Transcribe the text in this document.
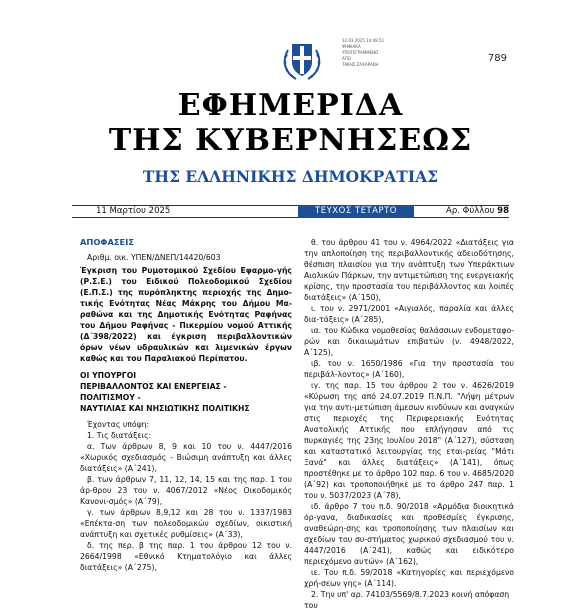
12.03.2025 14:49:51
ΨΗΦΙΑΚΑ
ΥΠΟΓΕΓΡΑΜΜΕΝΟ
ΑΠΟ
ΤΑΚΗΣ ΖΑΧΑΡΑΚΗ
789
ΕΦΗΜΕΡΙΔΑ
ΤΗΣ ΚΥΒΕΡΝΗΣΕΩΣ
ΤΗΣ ΕΛΛΗΝΙΚΗΣ ΔΗΜΟΚΡΑΤΙΑΣ
11 Μαρτίου 2025	ΤΕΥΧΟΣ ΤΕΤΑΡΤΟ	Αρ. Φύλλου 98

ΑΠΟΦΑΣΕΙΣ

Αριθμ. οικ. ΥΠΕΝ/ΔΝΕΠ/14420/603

Έγκριση του Ρυμοτομικού Σχεδίου Εφαρμο-γής (Ρ.Σ.Ε.) του Ειδικού Πολεοδομικού Σχεδίου (Ε.Π.Σ.) της πυρόπληκτης περιοχής της Δημο-τικής Ενότητας Νέας Μάκρης του Δήμου Μα-ραθώνα και της Δημοτικής Ενότητας Ραφήνας του Δήμου Ραφήνας - Πικερμίου νομού Αττικής (Δ΄398/2022) και έγκριση περιβαλλοντικών όρων νέων υδραυλικών και λιμενικών έργων καθώς και του Παραλιακού Περίπατου.

ΟΙ ΥΠΟΥΡΓΟΙ

ΠΕΡΙΒΑΛΛΟΝΤΟΣ ΚΑΙ ΕΝΕΡΓΕΙΑΣ -

ΠΟΛΙΤΙΣΜΟΥ -

ΝΑΥΤΙΛΙΑΣ ΚΑΙ ΝΗΣΙΩΤΙΚΗΣ ΠΟΛΙΤΙΚΗΣ

Έχοντας υπόψη:

1. Τις διατάξεις:

α. Των άρθρων 8, 9 και 10 του ν. 4447/2016 «Χωρικός σχεδιασμός - Βιώσιμη ανάπτυξη και άλλες διατάξεις» (Α΄241),

β. των άρθρων 7, 11, 12, 14, 15 και της παρ. 1 του άρ-θρου 23 του ν. 4067/2012 «Νέος Οικοδομικός Κανονι-σμός» (Α΄79),

γ. των άρθρων 8,9,12 και 28 του ν. 1337/1983 «Επέκτα-ση των πολεοδομικών σχεδίων, οικιστική ανάπτυξη και σχετικές ρυθμίσεις» (Α΄33),

δ. της περ. β της παρ. 1 του άρθρου 12 του ν. 2664/1998 «Εθνικό Κτηματολόγιο και άλλες διατάξεις» (Α΄275),

θ. του άρθρου 41 του ν. 4964/2022 «Διατάξεις για την απλοποίηση της περιβαλλοντικής αδειοδότησης, θέσπιση πλαισίου για την ανάπτυξη των Υπεράκτιων Αιολικών Πάρκων, την αντιμετώπιση της ενεργειακής κρίσης, την προστασία του περιβάλλοντος και λοιπές διατάξεις» (Α΄150),

ι. του ν. 2971/2001 «Αιγιαλός, παραλία και άλλες δια-τάξεις» (Α΄285),

ια. του Κώδικα νομοθεσίας θαλάσσιων ενδομεταφο-ρών και δικαιωμάτων επιβατών (ν. 4948/2022, Α΄125),

ιβ. του ν. 1650/1986 «Για την προστασία του περιβάλ-λοντος» (Α΄160),

ιγ. της παρ. 15 του άρθρου 2 του ν. 4626/2019 «Κύρωση της από 24.07.2019 Π.Ν.Π. "Λήψη μέτρων για την αντι-μετώπιση άμεσων κινδύνων και αναγκών στις περιοχές της Περιφερειακής Ενότητας Ανατολικής Αττικής που επλήγησαν από τις πυρκαγιές της 23ης Ιουλίου 2018" (Α΄127), σύσταση και καταστατικό λειτουργίας της εται-ρείας "Μάτι Ξανά" και άλλες διατάξεις» (Α΄141), όπως προστέθηκε με το άρθρο 102 παρ. 6 του ν. 4685/2020 (Α΄92) και τροποποιήθηκε με το άρθρο 247 παρ. 1 του ν. 5037/2023 (Α΄78),

ιδ. άρθρο 7 του π.δ. 90/2018 «Αρμόδια διοικητικά όρ-γανα, διαδικασίες και προθεσμίες έγκρισης, αναθεώρη-σης και τροποποίησης των πλαισίων και σχεδίων του συ-στήματος χωρικού σχεδιασμού του ν. 4447/2016 (Α΄241), καθώς και ειδικότερο περιεχόμενο αυτών» (Α΄162),

ιε. Του π.δ. 59/2018 «Κατηγορίες και περιεχόμενο χρή-σεων γης» (Α΄114).

2. Την υπ' αρ. 74103/5569/8.7.2023 κοινή απόφαση του
